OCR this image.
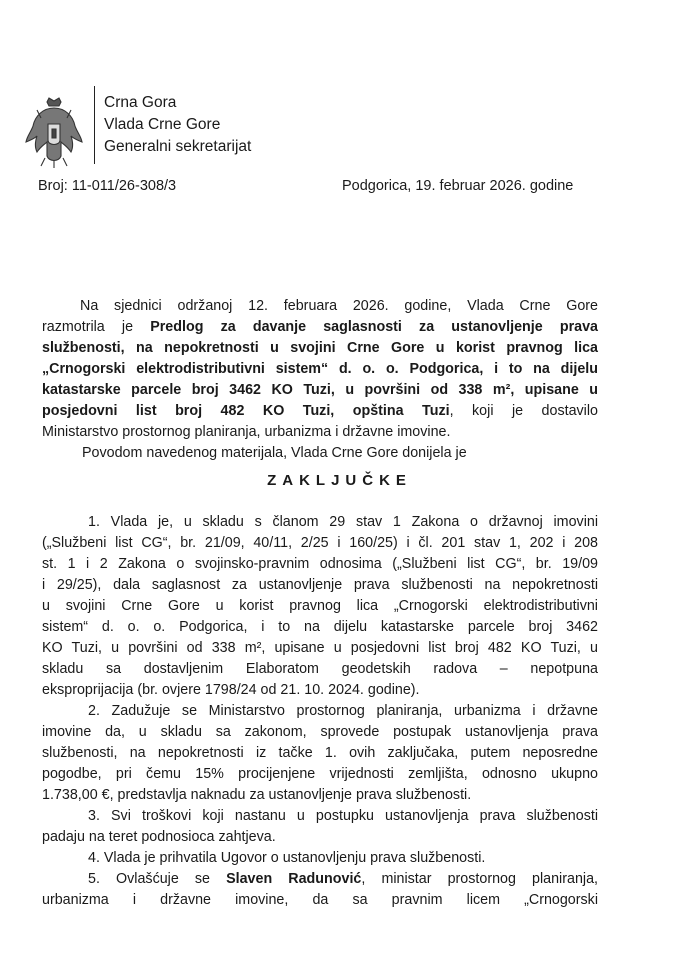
Crna Gora
Vlada Crne Gore
Generalni sekretarijat
Broj: 11-011/26-308/3	Podgorica, 19. februar 2026. godine
Na sjednici održanoj 12. februara 2026. godine, Vlada Crne Gore
razmotrila je Predlog za davanje saglasnosti za ustanovljenje prava
službenosti, na nepokretnosti u svojini Crne Gore u korist pravnog lica
„Crnogorski elektrodistributivni sistem“ d. o. o. Podgorica, i to na dijelu
katastarske parcele broj 3462 KO Tuzi, u površini od 338 m², upisane u
posjedovni list broj 482 KO Tuzi, opština Tuzi, koji je dostavilo
Ministarstvo prostornog planiranja, urbanizma i državne imovine.
Povodom navedenog materijala, Vlada Crne Gore donijela je
ZAKLJUČKE
1. Vlada je, u skladu s članom 29 stav 1 Zakona o državnoj imovini
(„Službeni list CG“, br. 21/09, 40/11, 2/25 i 160/25) i čl. 201 stav 1, 202 i 208
st. 1 i 2 Zakona o svojinsko-pravnim odnosima („Službeni list CG“, br. 19/09
i 29/25), dala saglasnost za ustanovljenje prava službenosti na nepokretnosti
u svojini Crne Gore u korist pravnog lica „Crnogorski elektrodistributivni
sistem“ d. o. o. Podgorica, i to na dijelu katastarske parcele broj 3462
KO Tuzi, u površini od 338 m², upisane u posjedovni list broj 482 KO Tuzi, u
skladu sa dostavljenim Elaboratom geodetskih radova – nepotpuna
eksproprijacija (br. ovjere 1798/24 od 21. 10. 2024. godine).
2. Zadužuje se Ministarstvo prostornog planiranja, urbanizma i državne
imovine da, u skladu sa zakonom, sprovede postupak ustanovljenja prava
službenosti, na nepokretnosti iz tačke 1. ovih zaključaka, putem neposredne
pogodbe, pri čemu 15% procijenjene vrijednosti zemljišta, odnosno ukupno
1.738,00 €, predstavlja naknadu za ustanovljenje prava službenosti.
3. Svi troškovi koji nastanu u postupku ustanovljenja prava službenosti
padaju na teret podnosioca zahtjeva.
4. Vlada je prihvatila Ugovor o ustanovljenju prava službenosti.
5. Ovlašćuje se Slaven Radunović, ministar prostornog planiranja,
urbanizma i državne imovine, da sa pravnim licem „Crnogorski
